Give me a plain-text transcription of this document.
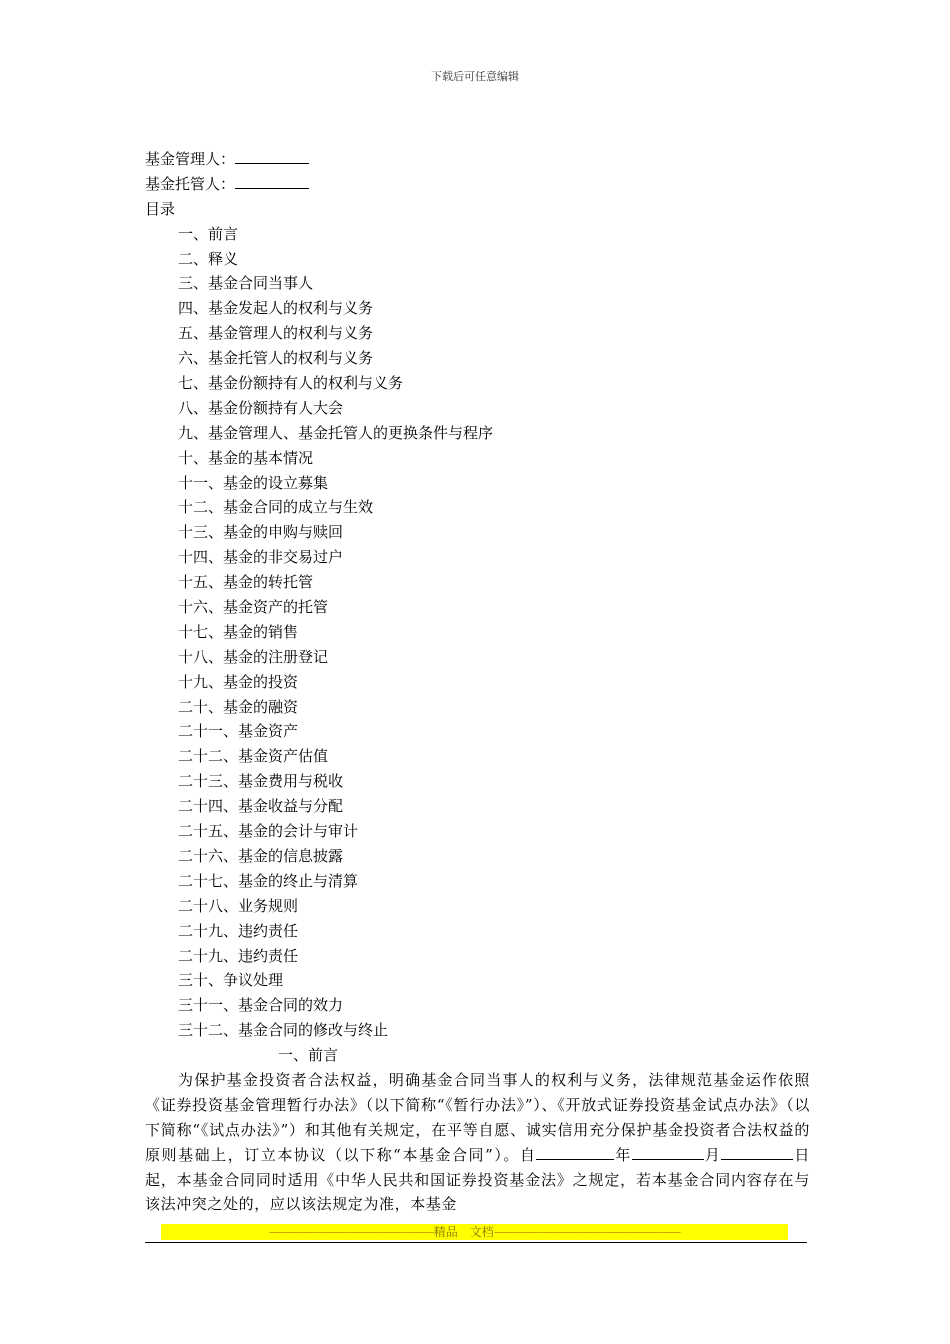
下载后可任意编辑
基金管理人：
基金托管人：
目录
一、前言
二、释义
三、基金合同当事人
四、基金发起人的权利与义务
五、基金管理人的权利与义务
六、基金托管人的权利与义务
七、基金份额持有人的权利与义务
八、基金份额持有人大会
九、基金管理人、基金托管人的更换条件与程序
十、基金的基本情况
十一、基金的设立募集
十二、基金合同的成立与生效
十三、基金的申购与赎回
十四、基金的非交易过户
十五、基金的转托管
十六、基金资产的托管
十七、基金的销售
十八、基金的注册登记
十九、基金的投资
二十、基金的融资
二十一、基金资产
二十二、基金资产估值
二十三、基金费用与税收
二十四、基金收益与分配
二十五、基金的会计与审计
二十六、基金的信息披露
二十七、基金的终止与清算
二十八、业务规则
二十九、违约责任
二十九、违约责任
三十、争议处理
三十一、基金合同的效力
三十二、基金合同的修改与终止
一、前言
为保护基金投资者合法权益，明确基金合同当事人的权利与义务，法律规范基金运作依照《证券投资基金管理暂行办法》（以下简称“《暂行办法》”）、《开放式证券投资基金试点办法》（以下简称“《试点办法》”）和其他有关规定，在平等自愿、诚实信用充分保护基金投资者合法权益的原则基础上，订立本协议（以下称“本基金合同”）。自	年	月	日起，本基金合同同时适用《中华人民共和国证券投资基金法》之规定，若本基金合同内容存在与该法冲突之处的，应以该法规定为准，本基金
------------------------------------------------------精品　文档-------------------------------------------------------------
